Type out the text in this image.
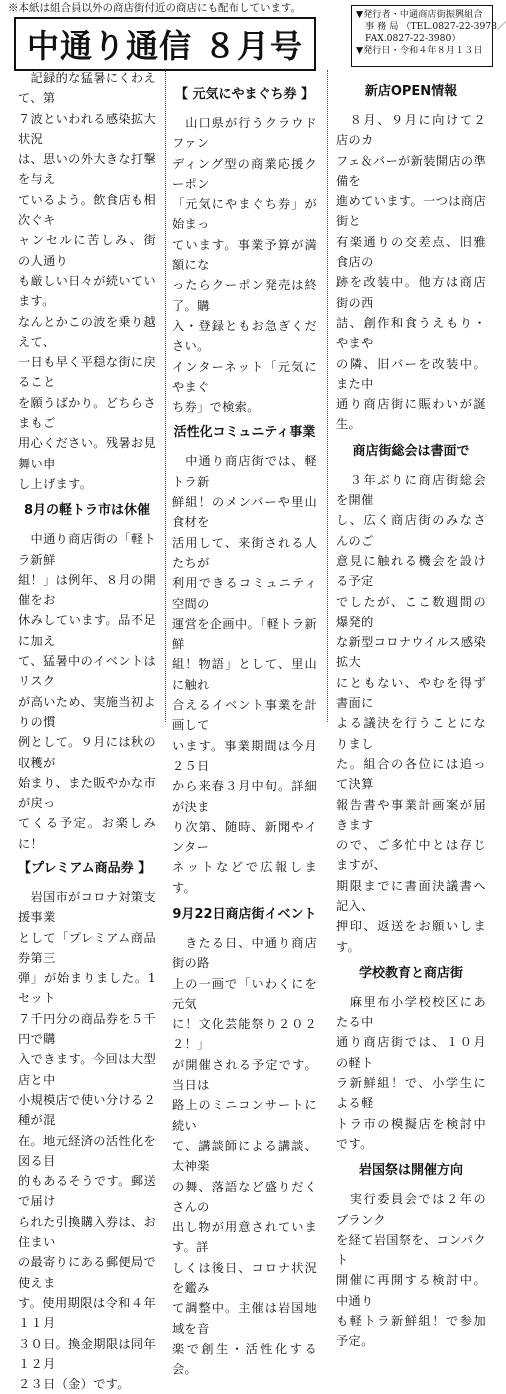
※本紙は組合員以外の商店街付近の商店にも配布しています。
中通り通信 ８月号
▼発行者・中通商店街振興組合
事 務 局 （TEL.0827-22-3978／
FAX.0827-22-3980）
▼発行日・令和４年８月１３日

　記録的な猛暑にくわえて、第
７波といわれる感染拡大状況
は、思いの外大きな打撃を与え
ているよう。飲食店も相次ぐキ
ャンセルに苦しみ、街の人通り
も厳しい日々が続いています。
なんとかこの波を乗り越えて、
一日も早く平穏な街に戻ること
を願うばかり。どちらさまもご
用心ください。残暑お見舞い申
し上げます。

8月の軽トラ市は休催

　中通り商店街の「軽トラ新鮮
組！」は例年、８月の開催をお
休みしています。品不足に加え
て、猛暑中のイベントはリスク
が高いため、実施当初よりの慣
例として。９月には秋の収穫が
始まり、また販やかな市が戻っ
てくる予定。お楽しみに！

【プレミアム商品券 】

　岩国市がコロナ対策支援事業
として「プレミアム商品券第三
弾」が始まりました。1セット
７千円分の商品券を５千円で購
入できます。今回は大型店と中
小規模店で使い分ける２種が混
在。地元経済の活性化を図る目
的もあるそうです。郵送で届け
られた引換購入券は、お住まい
の最寄りにある郵便局で使えま
す。使用期限は令和４年１１月
３０日。換金期限は同年１２月
２３日（金）です。

【 元気にやまぐち券 】

　山口県が行うクラウドファン
ディング型の商業応援クーポン
「元気にやまぐち券」が始まっ
ています。事業予算が満額にな
ったらクーポン発売は終了。購
入・登録ともお急ぎください。
インターネット「元気にやまぐ
ち券」で検索。

活性化コミュニティ事業

　中通り商店街では、軽トラ新
鮮組！のメンバーや里山食材を
活用して、来街される人たちが
利用できるコミュニティ空間の
運営を企画中。「軽トラ新鮮
組！物語」として、里山に触れ
合えるイベント事業を計画して
います。事業期間は今月２５日
から来春３月中旬。詳細が決ま
り次第、随時、新聞やインター
ネットなどで広報します。

9月22日商店街イベント

　きたる日、中通り商店街の路
上の一画で「いわくにを元気
に！文化芸能祭り２０２２！」
が開催される予定です。当日は
路上のミニコンサートに続い
て、講談師による講談、太神楽
の舞、落語など盛りだくさんの
出し物が用意されています。詳
しくは後日、コロナ状況を鑑み
て調整中。主催は岩国地域を音
楽で創生・活性化する会。

新店OPEN情報

　８月、９月に向けて２店のカ
フェ＆バーが新装開店の準備を
進めています。一つは商店街と
有楽通りの交差点、旧雅食店の
跡を改装中。他方は商店街の西
詰、創作和食うえもり・やまや
の隣、旧バーを改装中。また中
通り商店街に賑わいが誕生。

商店街総会は書面で

　３年ぶりに商店街総会を開催
し、広く商店街のみなさんのご
意見に触れる機会を設ける予定
でしたが、ここ数週間の爆発的
な新型コロナウイルス感染拡大
にともない、やむを得ず書面に
よる議決を行うことになりまし
た。組合の各位には追って決算
報告書や事業計画案が届きます
ので、ご多忙中とは存じますが、
期限までに書面決議書へ記入、
押印、返送をお願いします。

学校教育と商店街

　麻里布小学校校区にあたる中
通り商店街では、１０月の軽ト
ラ新鮮組！で、小学生による軽
トラ市の模擬店を検討中です。

岩国祭は開催方向

　実行委員会では２年のブランク
を経て岩国祭を、コンパクト
開催に再開する検討中。中通り
も軽トラ新鮮組！で参加予定。
